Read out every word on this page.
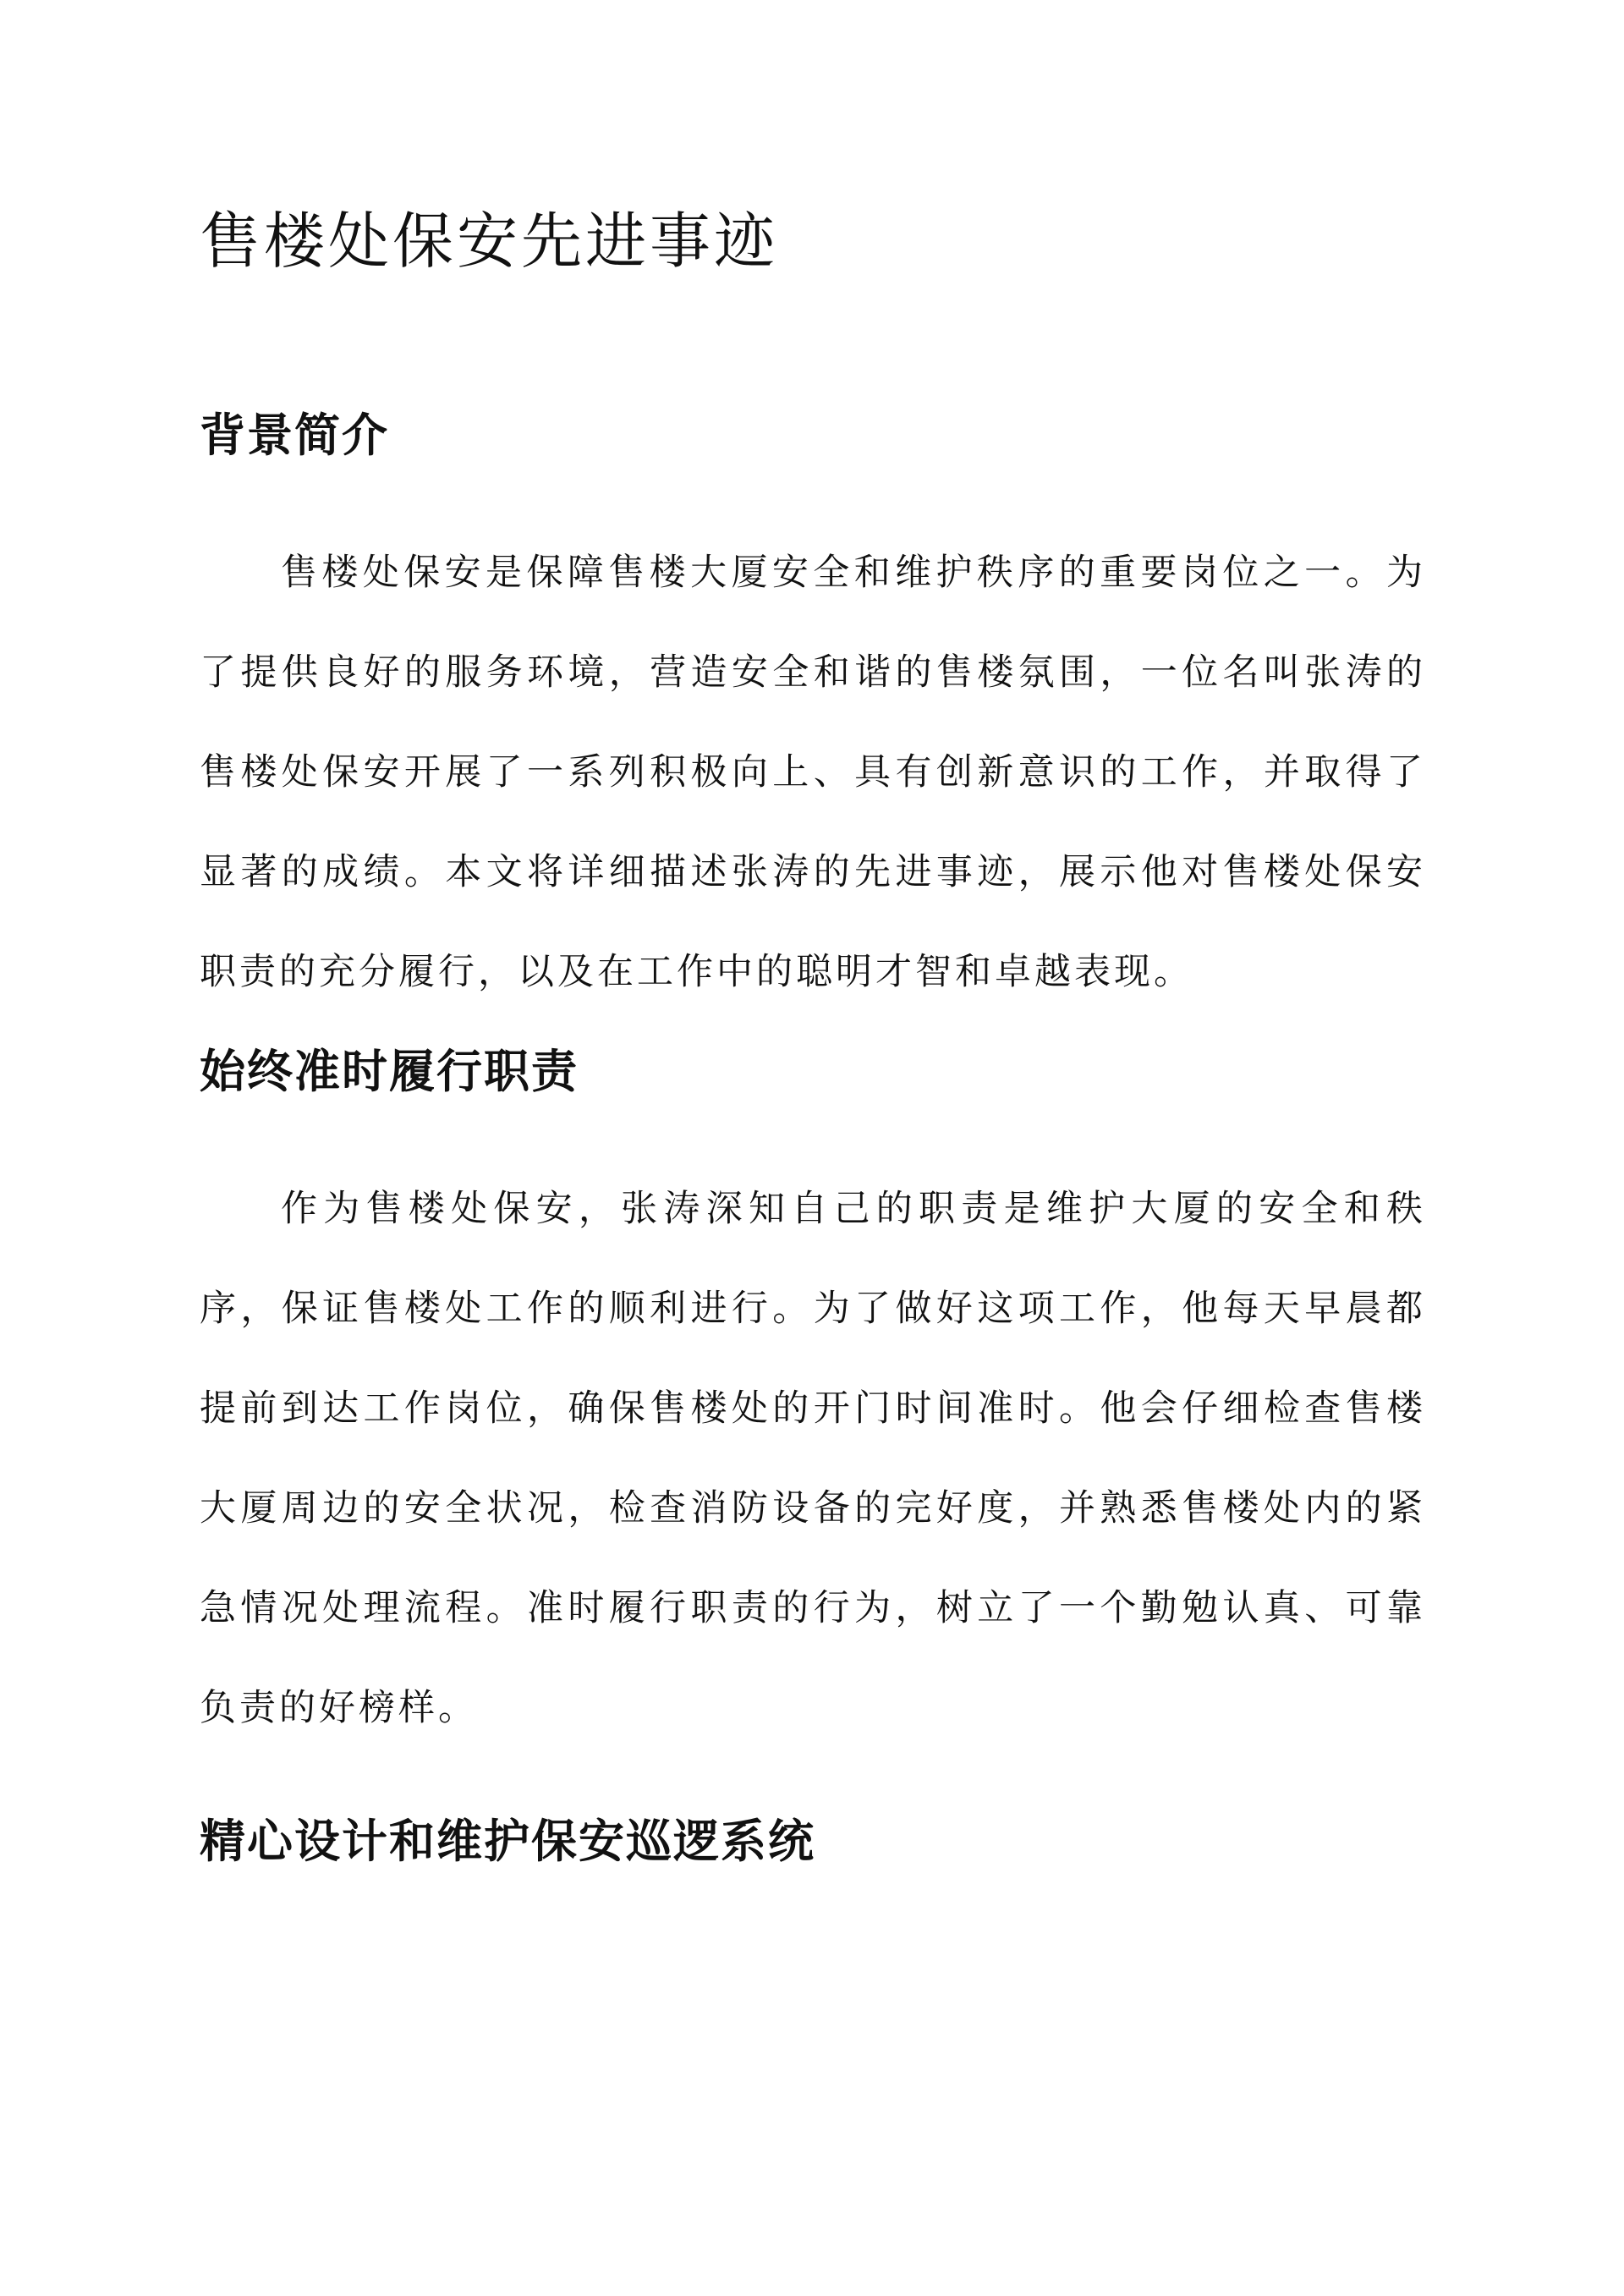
售楼处保安先进事迹
背景简介

售楼处保安是保障售楼大厦安全和维护秩序的重要岗位之一。为了提供良好的服务环境，营造安全和谐的售楼氛围，一位名叫张涛的售楼处保安开展了一系列积极向上、具有创新意识的工作，并取得了显著的成绩。本文将详细描述张涛的先进事迹，展示他对售楼处保安职责的充分履行，以及在工作中的聪明才智和卓越表现。

始终准时履行职责

作为售楼处保安，张涛深知自己的职责是维护大厦的安全和秩序，保证售楼处工作的顺利进行。为了做好这项工作，他每天早晨都提前到达工作岗位，确保售楼处的开门时间准时。他会仔细检查售楼大厦周边的安全状况，检查消防设备的完好度，并熟悉售楼处内的紧急情况处理流程。准时履行职责的行为，树立了一个勤勉认真、可靠负责的好榜样。

精心设计和维护保安巡逻系统
